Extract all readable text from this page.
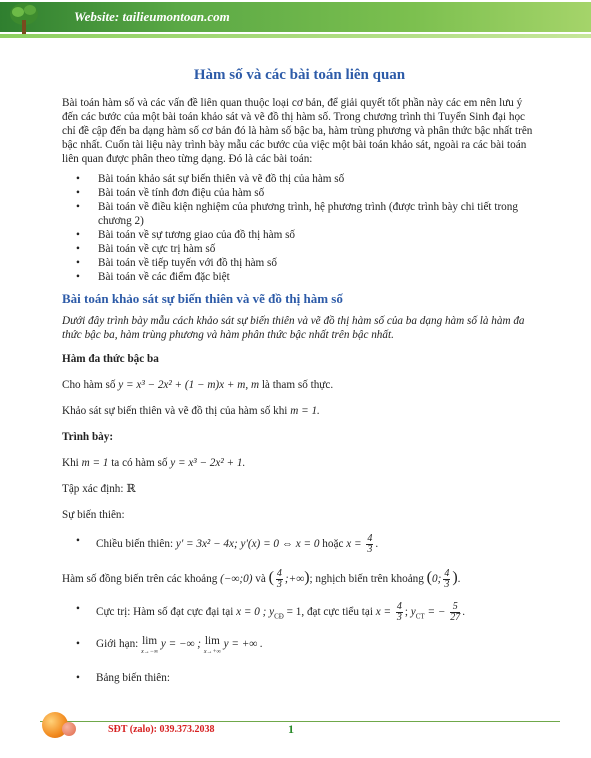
Website: tailieumontoan.com
Hàm số và các bài toán liên quan

Bài toán hàm số và các vấn đề liên quan thuộc loại cơ bản, để giải quyết tốt phần này các em nên lưu ý đến các bước của một bài toán khảo sát và vẽ đồ thị hàm số. Trong chương trình thi Tuyển Sinh đại học chỉ đề cập đến ba dạng hàm số cơ bản đó là hàm số bậc ba, hàm trùng phương và phân thức bậc nhất trên bậc nhất. Cuốn tài liệu này trình bày mẫu các bước của việc một bài toán khảo sát, ngoài ra các bài toán liên quan được phân theo từng dạng. Đó là các bài toán:

• Bài toán khảo sát sự biến thiên và vẽ đồ thị của hàm số
• Bài toán về tính đơn điệu của hàm số
• Bài toán về điều kiện nghiệm của phương trình, hệ phương trình (được trình bày chi tiết trong chương 2)
• Bài toán về sự tương giao của đồ thị hàm số
• Bài toán về cực trị hàm số
• Bài toán về tiếp tuyến với đồ thị hàm số
• Bài toán về các điểm đặc biệt
Bài toán khảo sát sự biến thiên và vẽ đồ thị hàm số

Dưới đây trình bày mẫu cách khảo sát sự biến thiên và vẽ đồ thị hàm số của ba dạng hàm số là hàm đa thức bậc ba, hàm trùng phương và hàm phân thức bậc nhất trên bậc nhất.

Hàm đa thức bậc ba

Cho hàm số y = x³ − 2x² + (1 − m)x + m, m là tham số thực.

Khảo sát sự biến thiên và vẽ đồ thị của hàm số khi m = 1.

Trình bày:

Khi m = 1 ta có hàm số y = x³ − 2x² + 1.

Tập xác định: ℝ

Sự biến thiên:

• Chiều biến thiên: y' = 3x² − 4x; y'(x) = 0 ⇔ x = 0 hoặc $x = \frac{4}{3}$ .

Hàm số đồng biến trên các khoảng (−∞;0) và ( $\frac{4}{3}$ ;+∞); nghịch biến trên khoảng (0; $\frac{4}{3}$ ).

• Cực trị: Hàm số đạt cực đại tại x = 0 ; $y_{CĐ} = 1$, đạt cực tiểu tại $x = \frac{4}{3}$ ; $y_{CT}$ = − $\frac{5}{27}$ .
• Giới hạn: lim
x→−∞ y = −∞ ; lim
x→+∞ y = +∞ .
• Bảng biến thiên:
SĐT (zalo): 039.373.2038	1
